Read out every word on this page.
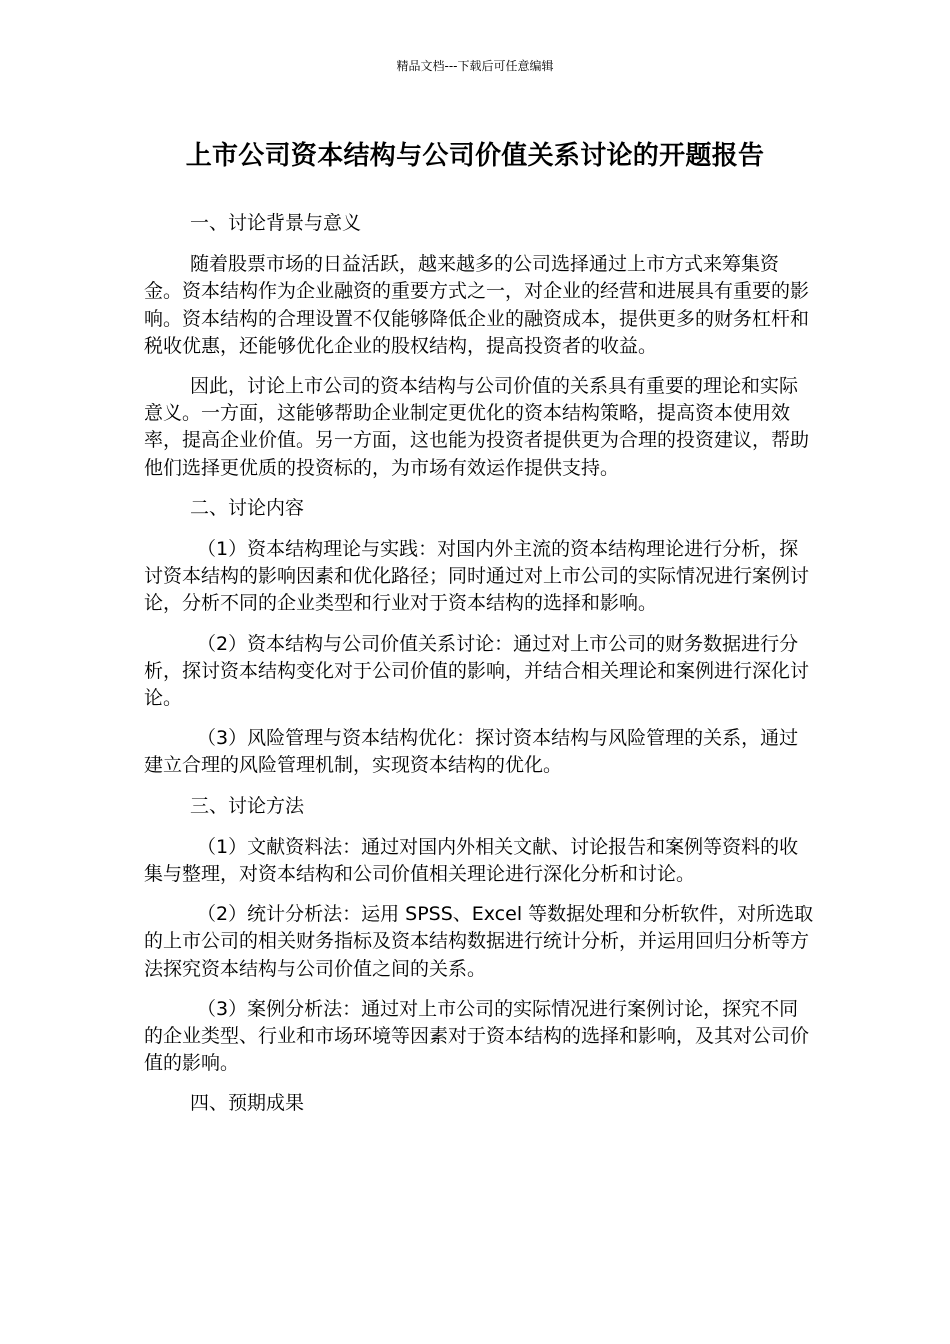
精品文档---下载后可任意编辑
上市公司资本结构与公司价值关系讨论的开题报告
一、讨论背景与意义
随着股票市场的日益活跃，越来越多的公司选择通过上市方式来筹集资金。资本结构作为企业融资的重要方式之一，对企业的经营和进展具有重要的影响。资本结构的合理设置不仅能够降低企业的融资成本，提供更多的财务杠杆和税收优惠，还能够优化企业的股权结构，提高投资者的收益。
因此，讨论上市公司的资本结构与公司价值的关系具有重要的理论和实际意义。一方面，这能够帮助企业制定更优化的资本结构策略，提高资本使用效率，提高企业价值。另一方面，这也能为投资者提供更为合理的投资建议，帮助他们选择更优质的投资标的，为市场有效运作提供支持。
二、讨论内容
（1）资本结构理论与实践：对国内外主流的资本结构理论进行分析，探讨资本结构的影响因素和优化路径；同时通过对上市公司的实际情况进行案例讨论，分析不同的企业类型和行业对于资本结构的选择和影响。
（2）资本结构与公司价值关系讨论：通过对上市公司的财务数据进行分析，探讨资本结构变化对于公司价值的影响，并结合相关理论和案例进行深化讨论。
（3）风险管理与资本结构优化：探讨资本结构与风险管理的关系，通过建立合理的风险管理机制，实现资本结构的优化。
三、讨论方法
（1）文献资料法：通过对国内外相关文献、讨论报告和案例等资料的收集与整理，对资本结构和公司价值相关理论进行深化分析和讨论。
（2）统计分析法：运用 SPSS、Excel 等数据处理和分析软件，对所选取的上市公司的相关财务指标及资本结构数据进行统计分析，并运用回归分析等方法探究资本结构与公司价值之间的关系。
（3）案例分析法：通过对上市公司的实际情况进行案例讨论，探究不同的企业类型、行业和市场环境等因素对于资本结构的选择和影响，及其对公司价值的影响。
四、预期成果
